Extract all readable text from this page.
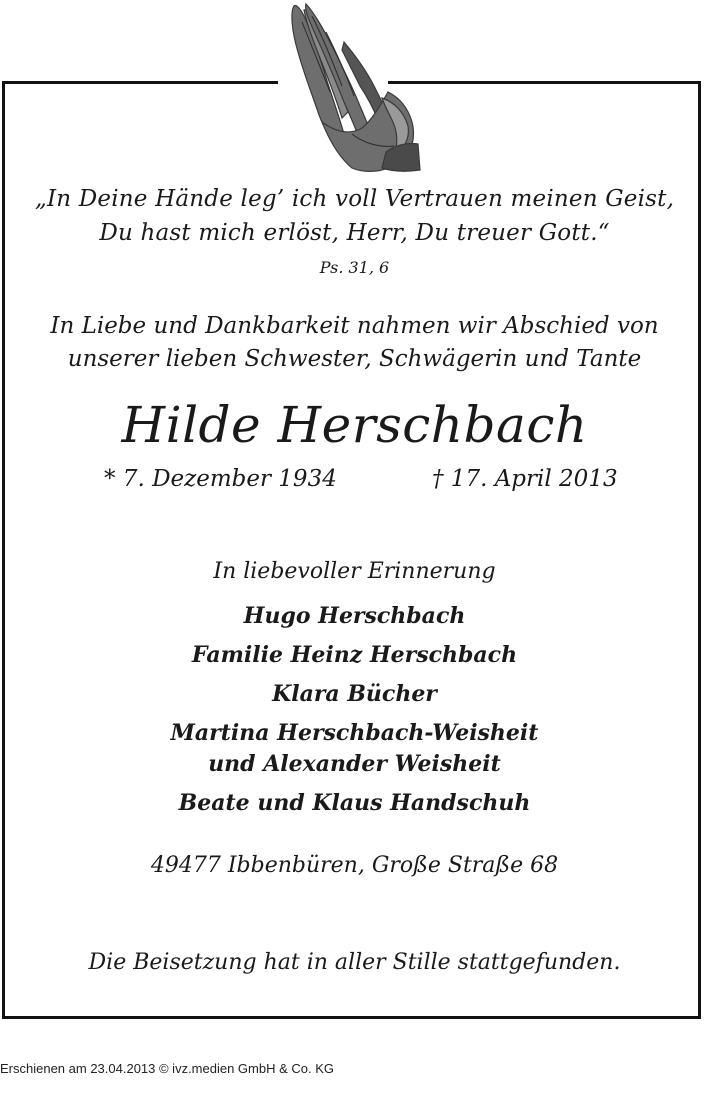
„In Deine Hände leg’ ich voll Vertrauen meinen Geist,
Du hast mich erlöst, Herr, Du treuer Gott.“
Ps. 31, 6
In Liebe und Dankbarkeit nahmen wir Abschied von
unserer lieben Schwester, Schwägerin und Tante
Hilde Herschbach
* 7. Dezember 1934	† 17. April 2013
In liebevoller Erinnerung
Hugo Herschbach
Familie Heinz Herschbach
Klara Bücher
Martina Herschbach-Weisheit
und Alexander Weisheit
Beate und Klaus Handschuh
49477 Ibbenbüren, Große Straße 68
Die Beisetzung hat in aller Stille stattgefunden.
Erschienen am 23.04.2013 © ivz.medien GmbH & Co. KG
